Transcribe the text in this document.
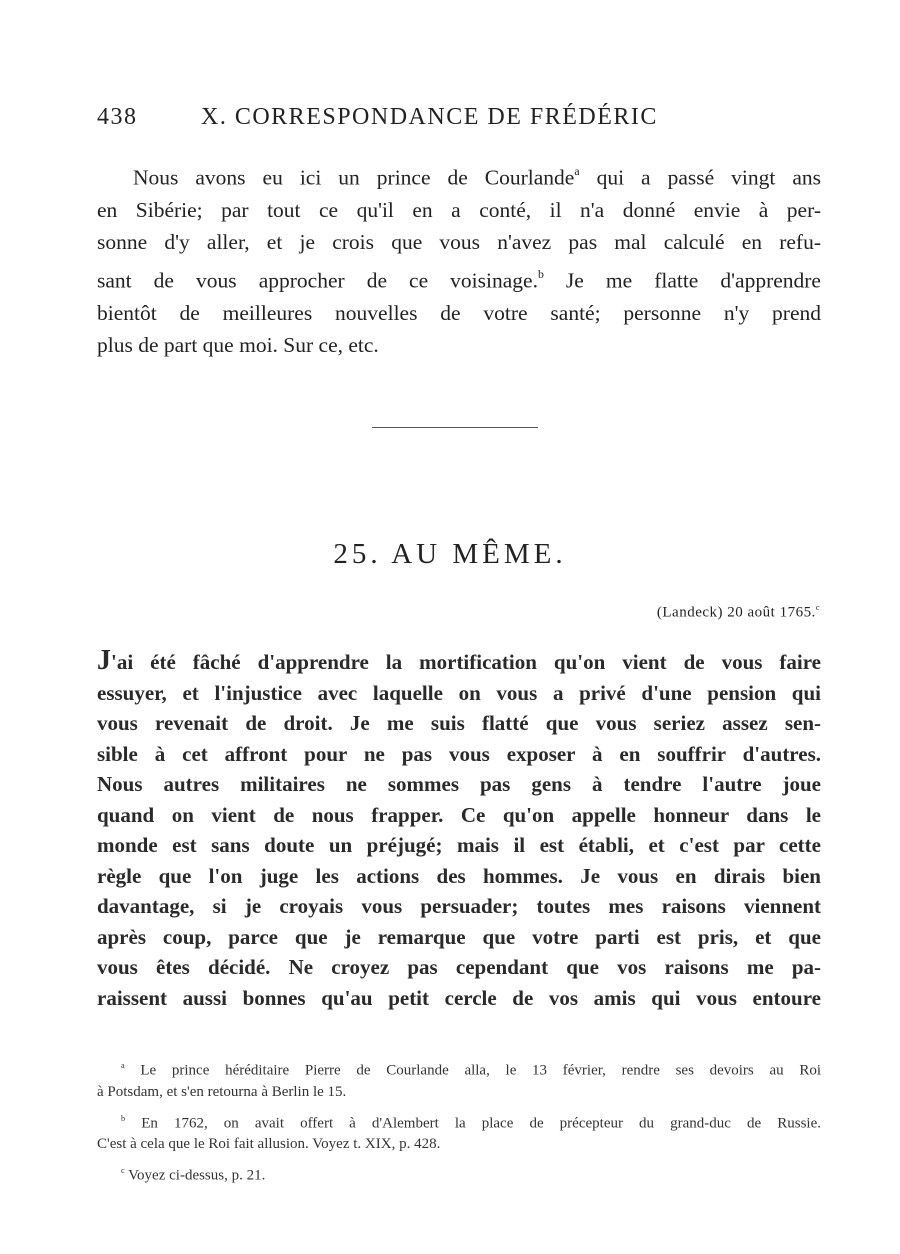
438	X. CORRESPONDANCE DE FRÉDÉRIC
Nous avons eu ici un prince de Courlande$^a$ qui a passé vingt ans
en Sibérie; par tout ce qu'il en a conté, il n'a donné envie à per-
sonne d'y aller, et je crois que vous n'avez pas mal calculé en refu-
sant de vous approcher de ce voisinage.$^b$ Je me flatte d'apprendre
bientôt de meilleures nouvelles de votre santé; personne n'y prend
plus de part que moi. Sur ce, etc.
25. AU MÊME.
(Landeck) 20 août 1765.$^c$
J'ai été fâché d'apprendre la mortification qu'on vient de vous faire
essuyer, et l'injustice avec laquelle on vous a privé d'une pension qui
vous revenait de droit. Je me suis flatté que vous seriez assez sen-
sible à cet affront pour ne pas vous exposer à en souffrir d'autres.
Nous autres militaires ne sommes pas gens à tendre l'autre joue
quand on vient de nous frapper. Ce qu'on appelle honneur dans le
monde est sans doute un préjugé; mais il est établi, et c'est par cette
règle que l'on juge les actions des hommes. Je vous en dirais bien
davantage, si je croyais vous persuader; toutes mes raisons viennent
après coup, parce que je remarque que votre parti est pris, et que
vous êtes décidé. Ne croyez pas cependant que vos raisons me pa-
raissent aussi bonnes qu'au petit cercle de vos amis qui vous entoure
$^a$ Le prince héréditaire Pierre de Courlande alla, le 13 février, rendre ses devoirs au Roi
à Potsdam, et s'en retourna à Berlin le 15.
$^b$ En 1762, on avait offert à d'Alembert la place de précepteur du grand-duc de Russie.
C'est à cela que le Roi fait allusion. Voyez t. XIX, p. 428.
$^c$ Voyez ci-dessus, p. 21.
